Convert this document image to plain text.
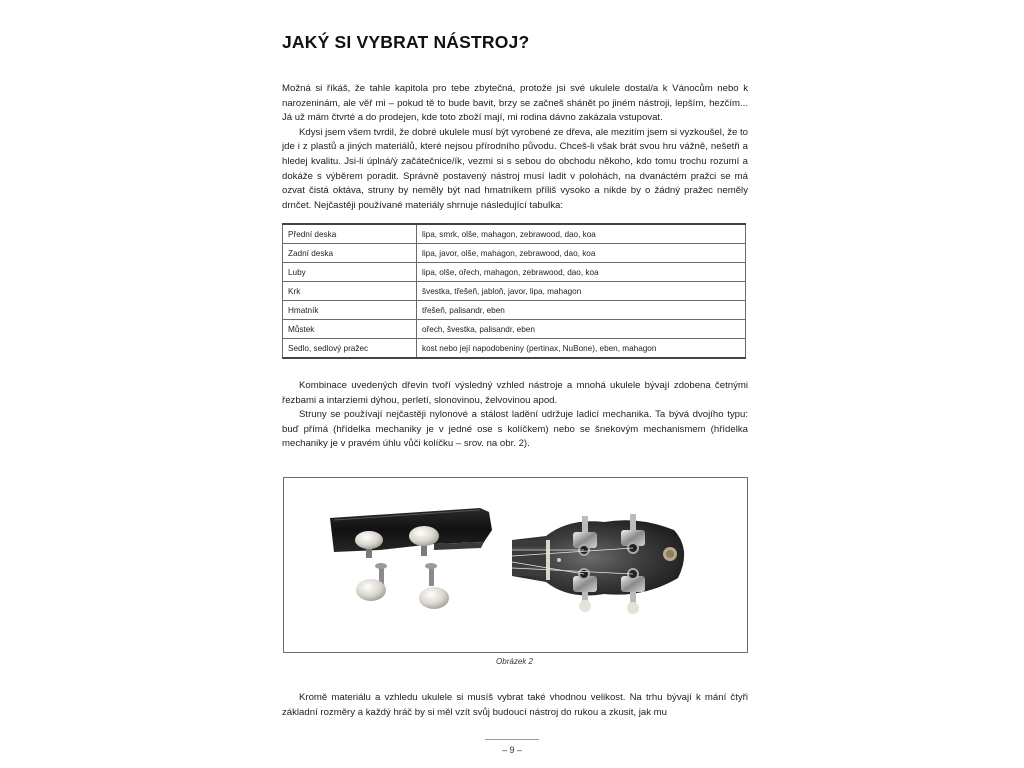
JAKÝ SI VYBRAT NÁSTROJ?

Možná si říkáš, že tahle kapitola pro tebe zbytečná, protože jsi své ukulele dostal/a k Vánocům nebo k narozeninám, ale věř mi – pokud tě to bude bavit, brzy se začneš shánět po jiném nástroji, lepším, hezčím... Já už mám čtvrté a do prodejen, kde toto zboží mají, mi rodina dávno zakázala vstupovat.

Kdysi jsem všem tvrdil, že dobré ukulele musí být vyrobené ze dřeva, ale mezitím jsem si vyzkoušel, že to jde i z plastů a jiných materiálů, které nejsou přírodního původu. Chceš-li však brát svou hru vážně, nešetři a hledej kvalitu. Jsi-li úplná/ý začátečnice/ík, vezmi si s sebou do obchodu někoho, kdo tomu trochu rozumí a dokáže s výběrem poradit. Správně postavený nástroj musí ladit v polohách, na dvanáctém pražci se má ozvat čistá oktáva, struny by neměly být nad hmatníkem příliš vysoko a nikde by o žádný pražec neměly drnčet. Nejčastěji používané materiály shrnuje následující tabulka:

Přední deska	lipa, smrk, olše, mahagon, zebrawood, dao, koa
Zadní deska	lipa, javor, olše, mahagon, zebrawood, dao, koa
Luby	lipa, olše, ořech, mahagon, zebrawood, dao, koa
Krk	švestka, třešeň, jabloň, javor, lipa, mahagon
Hmatník	třešeň, palisandr, eben
Můstek	ořech, švestka, palisandr, eben
Sedlo, sedlový pražec	kost nebo její napodobeniny (pertinax, NuBone), eben, mahagon

Kombinace uvedených dřevin tvoří výsledný vzhled nástroje a mnohá ukulele bývají zdobena četnými řezbami a intarziemi dýhou, perletí, slonovinou, želvovinou apod.

Struny se používají nejčastěji nylonové a stálost ladění udržuje ladicí mechanika. Ta bývá dvojího typu: buď přímá (hřídelka mechaniky je v jedné ose s kolíčkem) nebo se šnekovým mechanismem (hřídelka mechaniky je v pravém úhlu vůči kolíčku – srov. na obr. 2).

Obrázek 2

Kromě materiálu a vzhledu ukulele si musíš vybrat také vhodnou velikost. Na trhu bývají k mání čtyři základní rozměry a každý hráč by si měl vzít svůj budoucí nástroj do rukou a zkusit, jak mu

– 9 –
